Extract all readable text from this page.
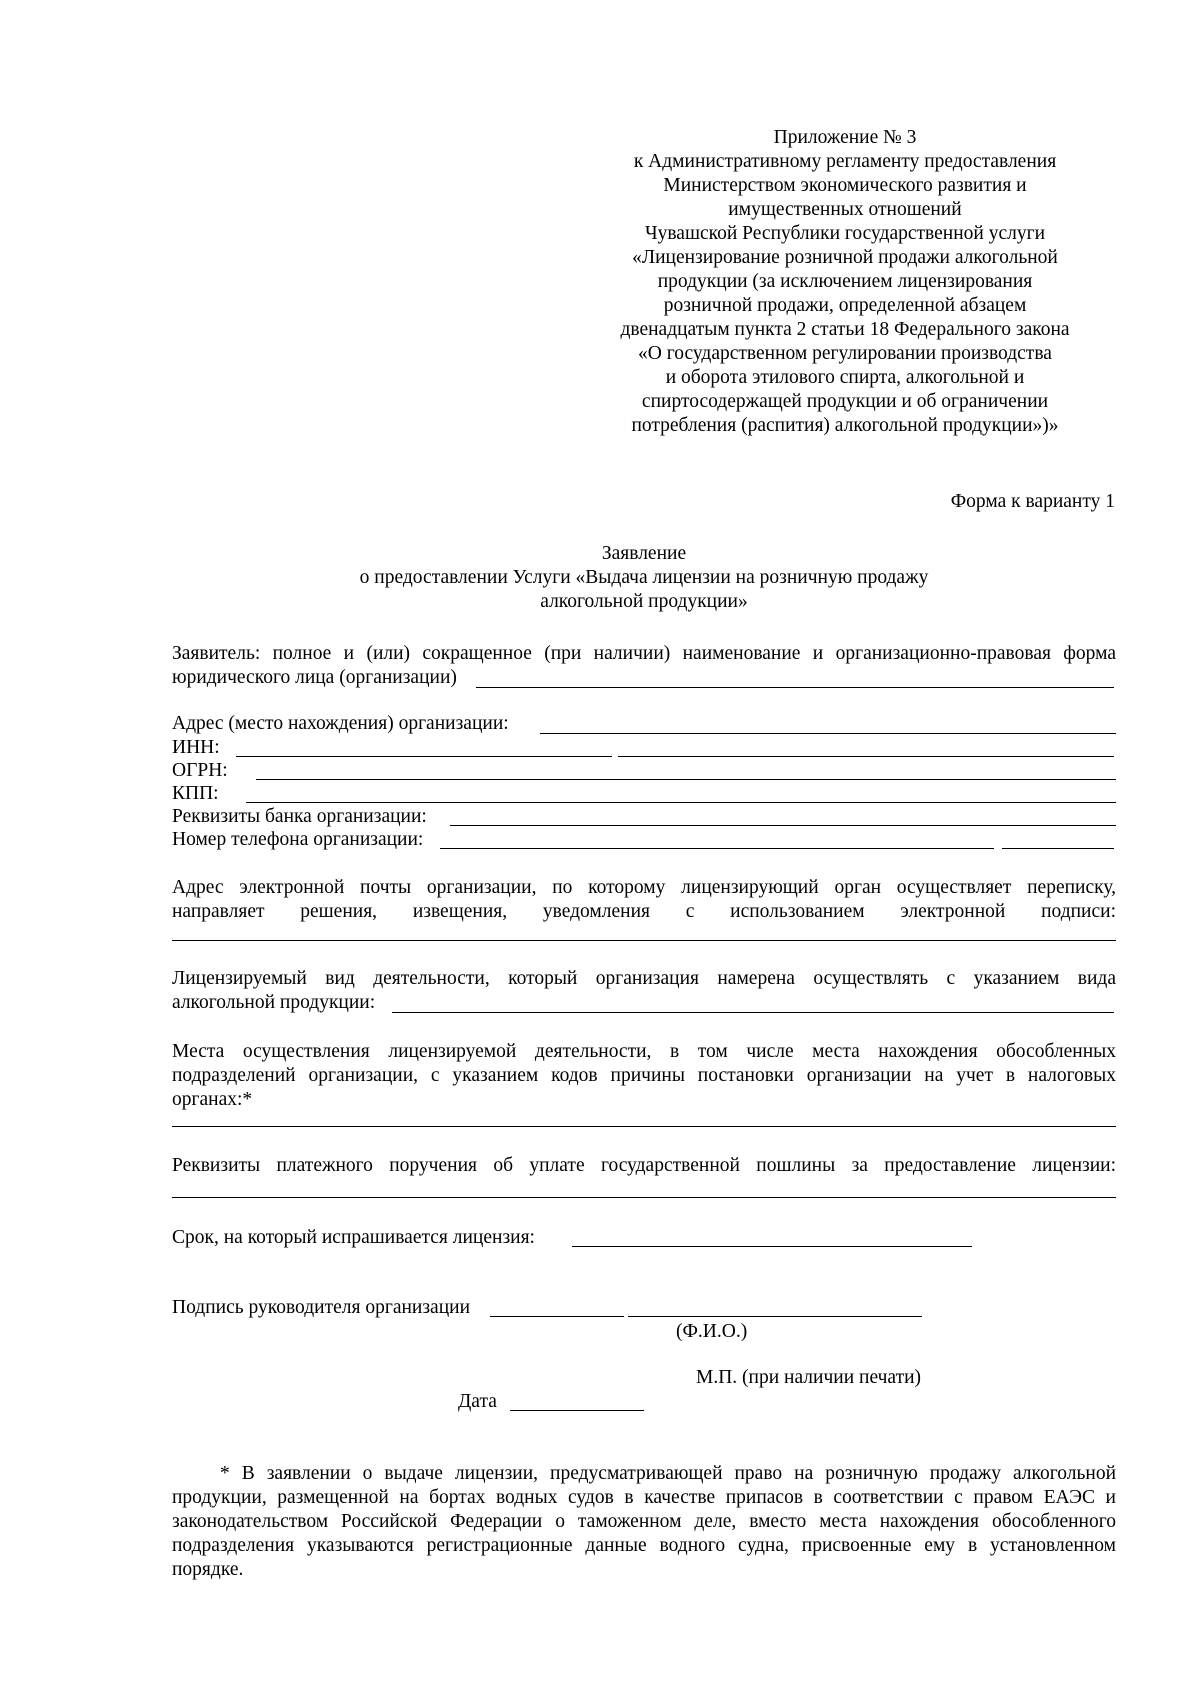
Приложение № 3
к Административному регламенту предоставления
Министерством экономического развития и
имущественных отношений
Чувашской Республики государственной услуги
«Лицензирование розничной продажи алкогольной
продукции (за исключением лицензирования
розничной продажи, определенной абзацем
двенадцатым пункта 2 статьи 18 Федерального закона
«О государственном регулировании производства
и оборота этилового спирта, алкогольной и
спиртосодержащей продукции и об ограничении
потребления (распития) алкогольной продукции»)»
Форма к варианту 1
Заявление
о предоставлении Услуги «Выдача лицензии на розничную продажу
алкогольной продукции»
Заявитель: полное и (или) сокращенное (при наличии) наименование и организационно-правовая форма
юридического лица (организации)
Адрес (место нахождения) организации:
ИНН:
ОГРН:
КПП:
Реквизиты банка организации:
Номер телефона организации:
Адрес электронной почты организации, по которому лицензирующий орган осуществляет переписку,
направляет решения, извещения, уведомления с использованием электронной подписи:
Лицензируемый вид деятельности, который организация намерена осуществлять с указанием вида
алкогольной продукции:
Места осуществления лицензируемой деятельности, в том числе места нахождения обособленных
подразделений организации, с указанием кодов причины постановки организации на учет в налоговых
органах:*
Реквизиты платежного поручения об уплате государственной пошлины за предоставление лицензии:
Срок, на который испрашивается лицензия:
Подпись руководителя организации
(Ф.И.О.)
М.П. (при наличии печати)
Дата
* В заявлении о выдаче лицензии, предусматривающей право на розничную продажу алкогольной продукции, размещенной на бортах водных судов в качестве припасов в соответствии с правом ЕАЭС и законодательством Российской Федерации о таможенном деле, вместо места нахождения обособленного подразделения указываются регистрационные данные водного судна, присвоенные ему в установленном порядке.
